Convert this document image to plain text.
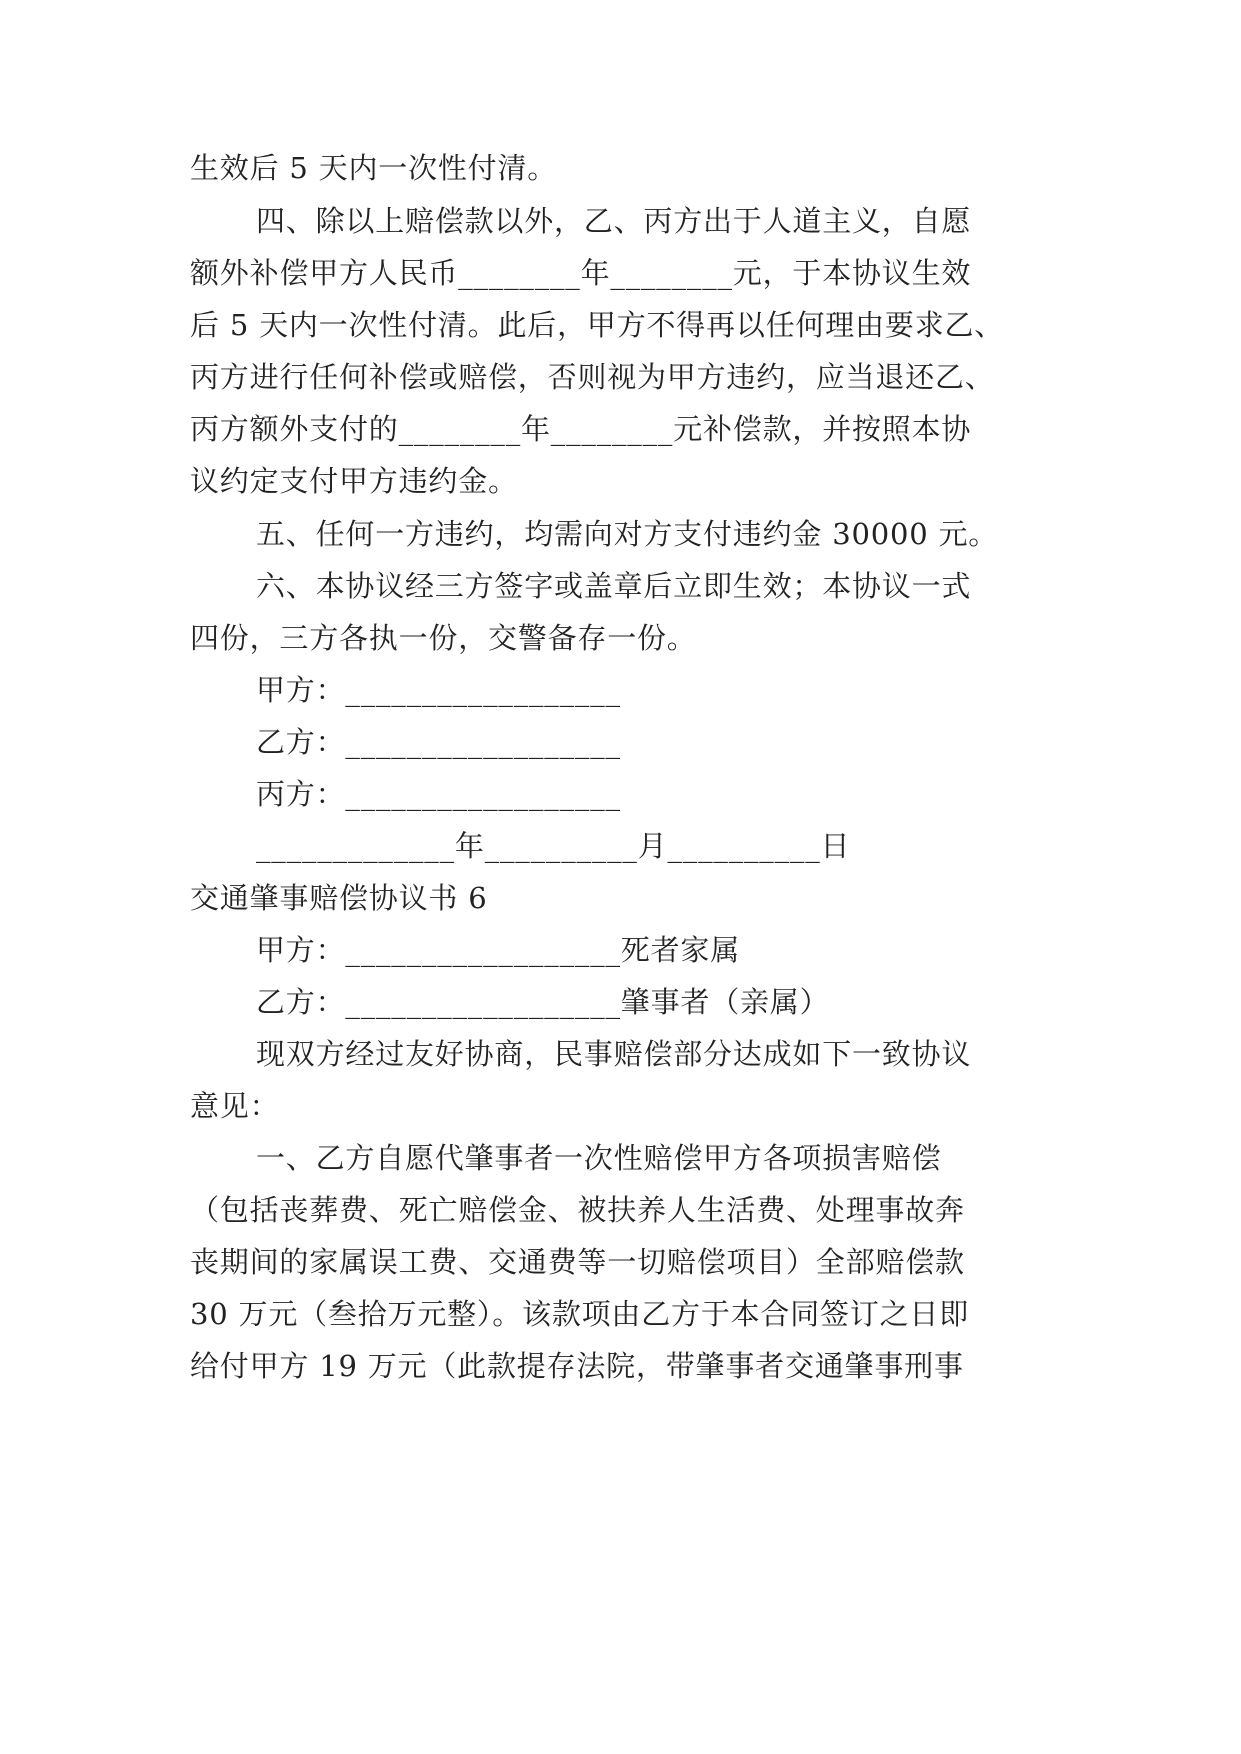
生效后 5 天内一次性付清。
四、除以上赔偿款以外，乙、丙方出于人道主义，自愿
额外补偿甲方人民币________年________元，于本协议生效
后 5 天内一次性付清。此后，甲方不得再以任何理由要求乙、
丙方进行任何补偿或赔偿，否则视为甲方违约，应当退还乙、
丙方额外支付的________年________元补偿款，并按照本协
议约定支付甲方违约金。
五、任何一方违约，均需向对方支付违约金 30000 元。
六、本协议经三方签字或盖章后立即生效；本协议一式
四份，三方各执一份，交警备存一份。
甲方：__________________
乙方：__________________
丙方：__________________
_____________年__________月__________日
交通肇事赔偿协议书 6
甲方：__________________死者家属
乙方：__________________肇事者（亲属）
现双方经过友好协商，民事赔偿部分达成如下一致协议
意见：
一、乙方自愿代肇事者一次性赔偿甲方各项损害赔偿
（包括丧葬费、死亡赔偿金、被扶养人生活费、处理事故奔
丧期间的家属误工费、交通费等一切赔偿项目）全部赔偿款
30 万元（叁拾万元整）。该款项由乙方于本合同签订之日即
给付甲方 19 万元（此款提存法院，带肇事者交通肇事刑事
